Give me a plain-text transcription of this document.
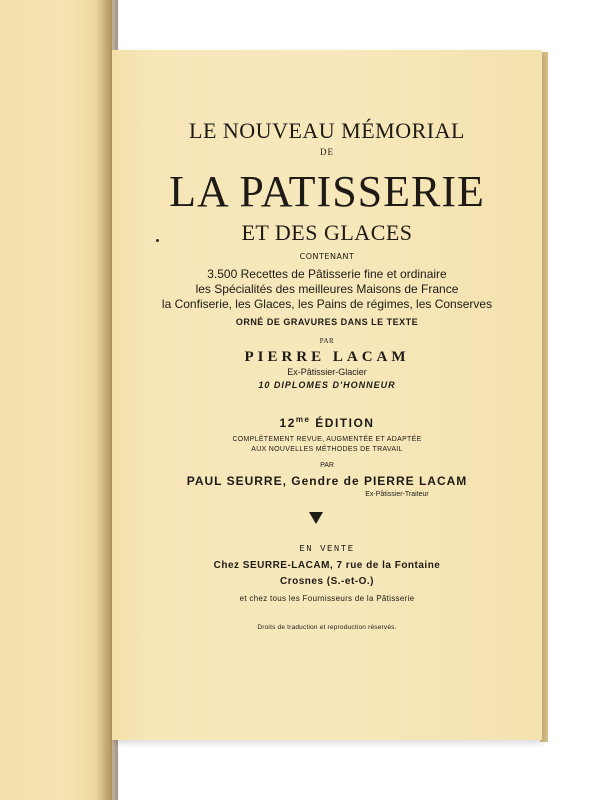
LE NOUVEAU MÉMORIAL
DE
LA PATISSERIE
ET DES GLACES
CONTENANT
3.500 Recettes de Pâtisserie fine et ordinaire
les Spécialités des meilleures Maisons de France
la Confiserie, les Glaces, les Pains de régimes, les Conserves
ORNÉ DE GRAVURES DANS LE TEXTE
PAR
PIERRE LACAM
Ex-Pâtissier-Glacier
10 DIPLOMES D'HONNEUR
$12^{me}$ ÉDITION
COMPLÈTEMENT REVUE, AUGMENTÉE ET ADAPTÉE
AUX NOUVELLES MÉTHODES DE TRAVAIL
PAR
PAUL SEURRE, Gendre de PIERRE LACAM
Ex-Pâtissier-Traiteur
EN VENTE
Chez SEURRE-LACAM, 7 rue de la Fontaine
Crosnes (S.-et-O.)
et chez tous les Fournisseurs de la Pâtisserie
Droits de traduction et reproduction réservés.
